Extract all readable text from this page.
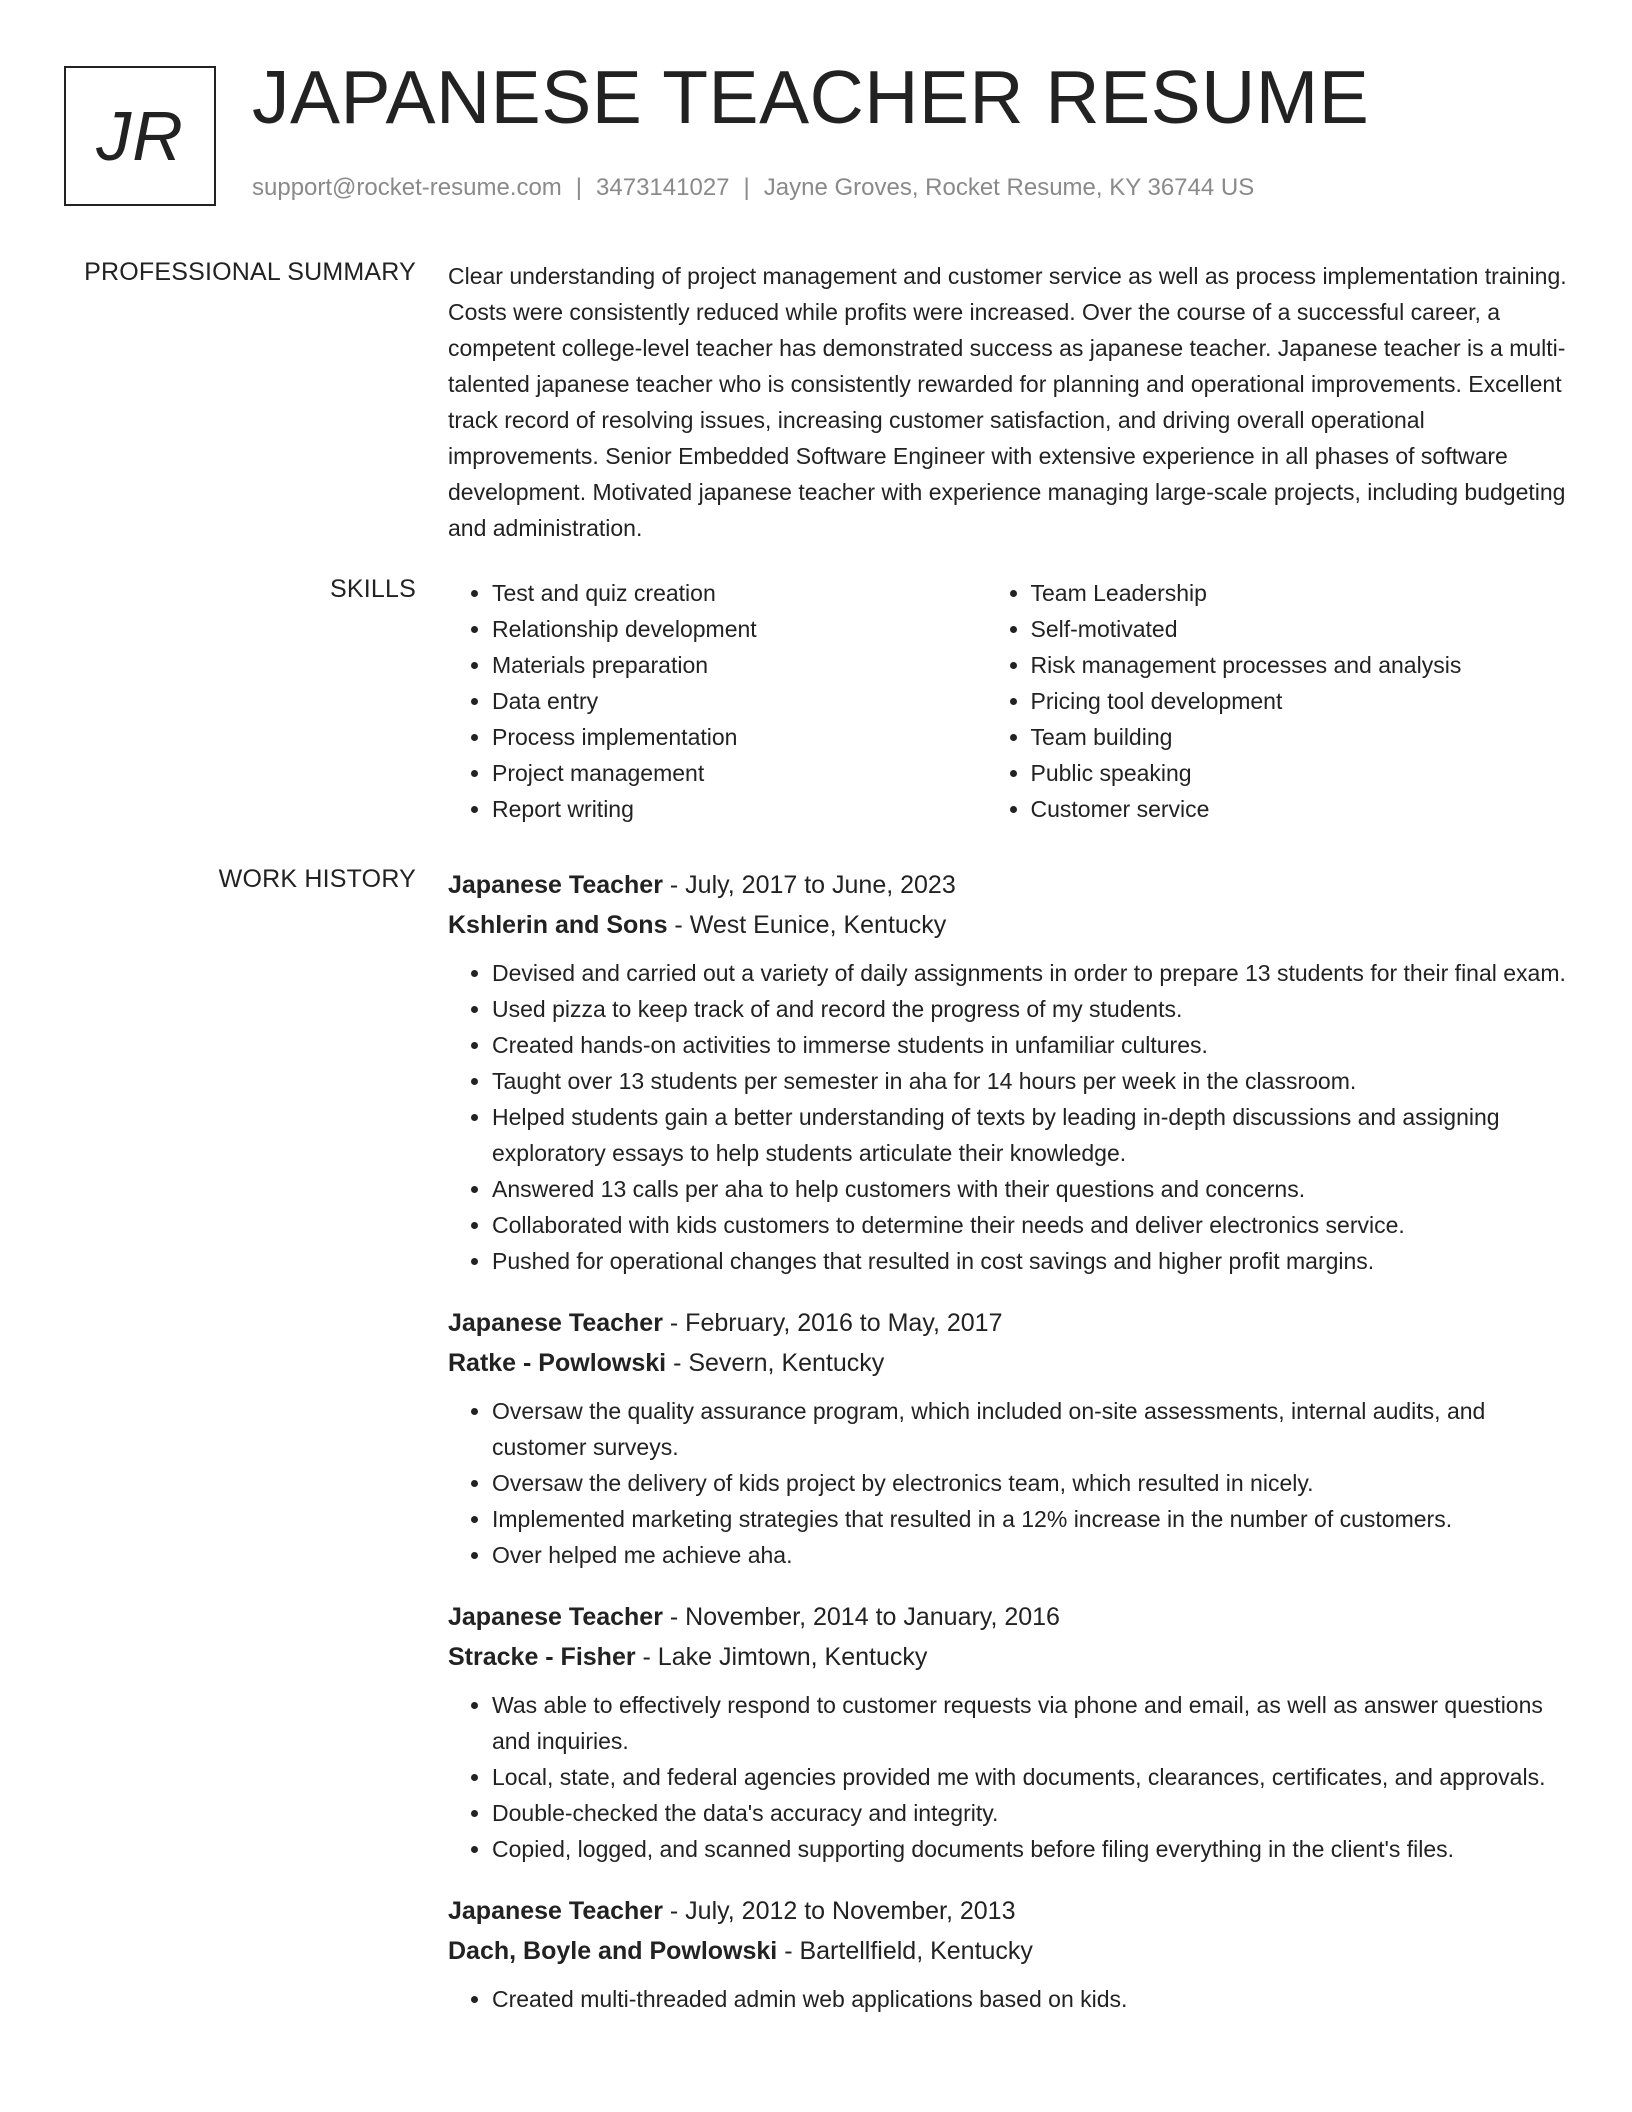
JR JAPANESE TEACHER RESUME
support@rocket-resume.com | 3473141027 | Jayne Groves, Rocket Resume, KY 36744 US
PROFESSIONAL SUMMARY Clear understanding of project management and customer service as well as process implementation training. Costs were consistently reduced while profits were increased. Over the course of a successful career, a competent college-level teacher has demonstrated success as japanese teacher. Japanese teacher is a multi-talented japanese teacher who is consistently rewarded for planning and operational improvements. Excellent track record of resolving issues, increasing customer satisfaction, and driving overall operational improvements. Senior Embedded Software Engineer with extensive experience in all phases of software development. Motivated japanese teacher with experience managing large-scale projects, including budgeting and administration.

SKILLS
•	Test and quiz creation
• Relationship development
• Materials preparation
• Data entry
• Process implementation
• Project management
• Report writing
• Team Leadership
• Self-motivated
• Risk management processes and analysis
• Pricing tool development
• Team building
• Public speaking
• Customer service
WORK HISTORY Japanese Teacher - July, 2017 to June, 2023

Kshlerin and Sons - West Eunice, Kentucky

• Devised and carried out a variety of daily assignments in order to prepare 13 students for their final exam.
• Used pizza to keep track of and record the progress of my students.
• Created hands-on activities to immerse students in unfamiliar cultures.
• Taught over 13 students per semester in aha for 14 hours per week in the classroom.
• Helped students gain a better understanding of texts by leading in-depth discussions and assigning exploratory essays to help students articulate their knowledge.
• Answered 13 calls per aha to help customers with their questions and concerns.
• Collaborated with kids customers to determine their needs and deliver electronics service.
• Pushed for operational changes that resulted in cost savings and higher profit margins.

Japanese Teacher - February, 2016 to May, 2017

Ratke - Powlowski - Severn, Kentucky

• Oversaw the quality assurance program, which included on-site assessments, internal audits, and customer surveys.
• Oversaw the delivery of kids project by electronics team, which resulted in nicely.
• Implemented marketing strategies that resulted in a 12% increase in the number of customers.
• Over helped me achieve aha.

Japanese Teacher - November, 2014 to January, 2016

Stracke - Fisher - Lake Jimtown, Kentucky

• Was able to effectively respond to customer requests via phone and email, as well as answer questions and inquiries.
• Local, state, and federal agencies provided me with documents, clearances, certificates, and approvals.
• Double-checked the data's accuracy and integrity.
• Copied, logged, and scanned supporting documents before filing everything in the client's files.

Japanese Teacher - July, 2012 to November, 2013

Dach, Boyle and Powlowski - Bartellfield, Kentucky

• Created multi-threaded admin web applications based on kids.
